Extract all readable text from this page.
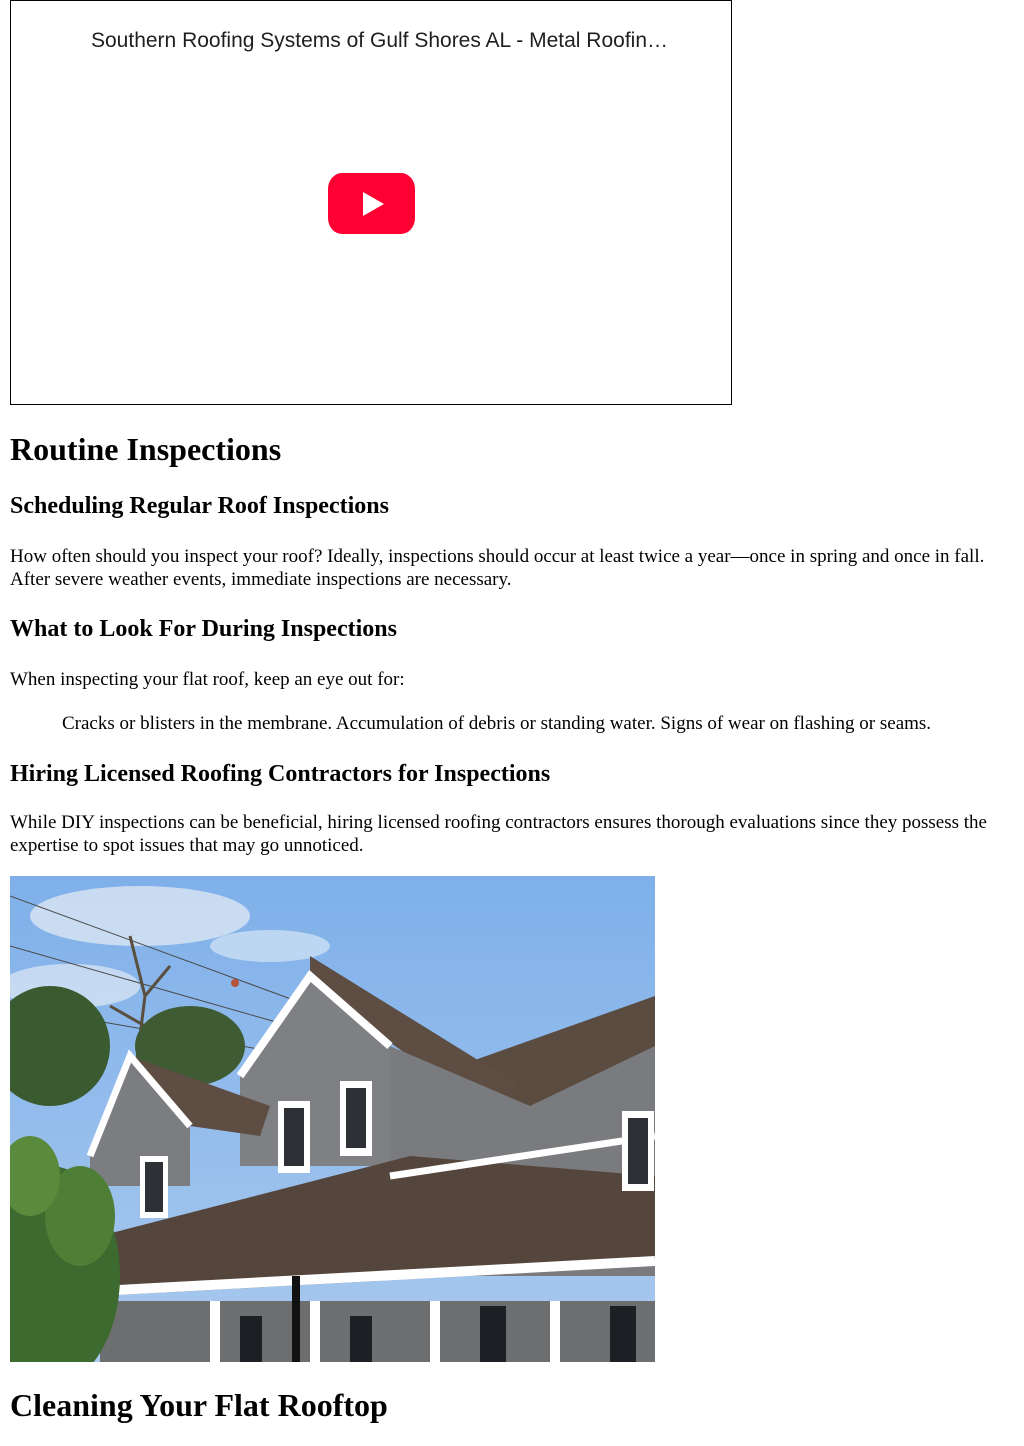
Southern Roofing Systems of Gulf Shores AL - Metal Roofin…
Routine Inspections
Scheduling Regular Roof Inspections

How often should you inspect your roof? Ideally, inspections should occur at least twice a year—once in spring and once in fall. After severe weather events, immediate inspections are necessary.

What to Look For During Inspections

When inspecting your flat roof, keep an eye out for:

Cracks or blisters in the membrane. Accumulation of debris or standing water. Signs of wear on flashing or seams.
Hiring Licensed Roofing Contractors for Inspections

While DIY inspections can be beneficial, hiring licensed roofing contractors ensures thorough evaluations since they possess the expertise to spot issues that may go unnoticed.

Cleaning Your Flat Rooftop
